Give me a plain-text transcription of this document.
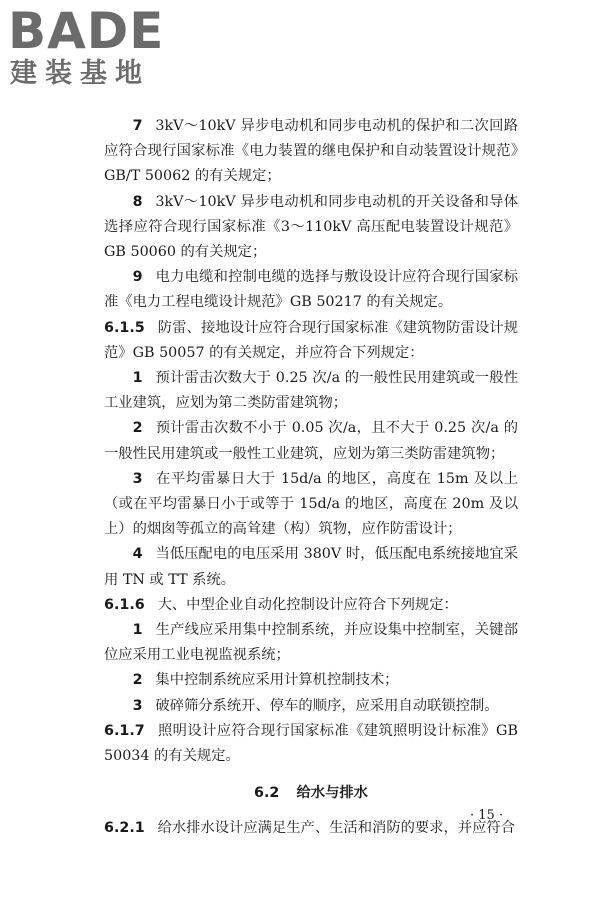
BADE
建装基地

7 3kV～10kV 异步电动机和同步电动机的保护和二次回路应符合现行国家标准《电力装置的继电保护和自动装置设计规范》GB/T 50062 的有关规定；

8 3kV～10kV 异步电动机和同步电动机的开关设备和导体选择应符合现行国家标准《3～110kV 高压配电装置设计规范》GB 50060 的有关规定；

9 电力电缆和控制电缆的选择与敷设设计应符合现行国家标准《电力工程电缆设计规范》GB 50217 的有关规定。

6.1.5 防雷、接地设计应符合现行国家标准《建筑物防雷设计规范》GB 50057 的有关规定，并应符合下列规定：

1 预计雷击次数大于 0.25 次/a 的一般性民用建筑或一般性工业建筑，应划为第二类防雷建筑物；

2 预计雷击次数不小于 0.05 次/a，且不大于 0.25 次/a 的一般性民用建筑或一般性工业建筑，应划为第三类防雷建筑物；

3 在平均雷暴日大于 15d/a 的地区，高度在 15m 及以上（或在平均雷暴日小于或等于 15d/a 的地区，高度在 20m 及以上）的烟囱等孤立的高耸建（构）筑物，应作防雷设计；

4 当低压配电的电压采用 380V 时，低压配电系统接地宜采用 TN 或 TT 系统。

6.1.6 大、中型企业自动化控制设计应符合下列规定：

1 生产线应采用集中控制系统，并应设集中控制室，关键部位应采用工业电视监视系统；

2 集中控制系统应采用计算机控制技术；

3 破碎筛分系统开、停车的顺序，应采用自动联锁控制。

6.1.7 照明设计应符合现行国家标准《建筑照明设计标准》GB 50034 的有关规定。

6.2 给水与排水

6.2.1 给水排水设计应满足生产、生活和消防的要求，并应符合

· 15 ·
